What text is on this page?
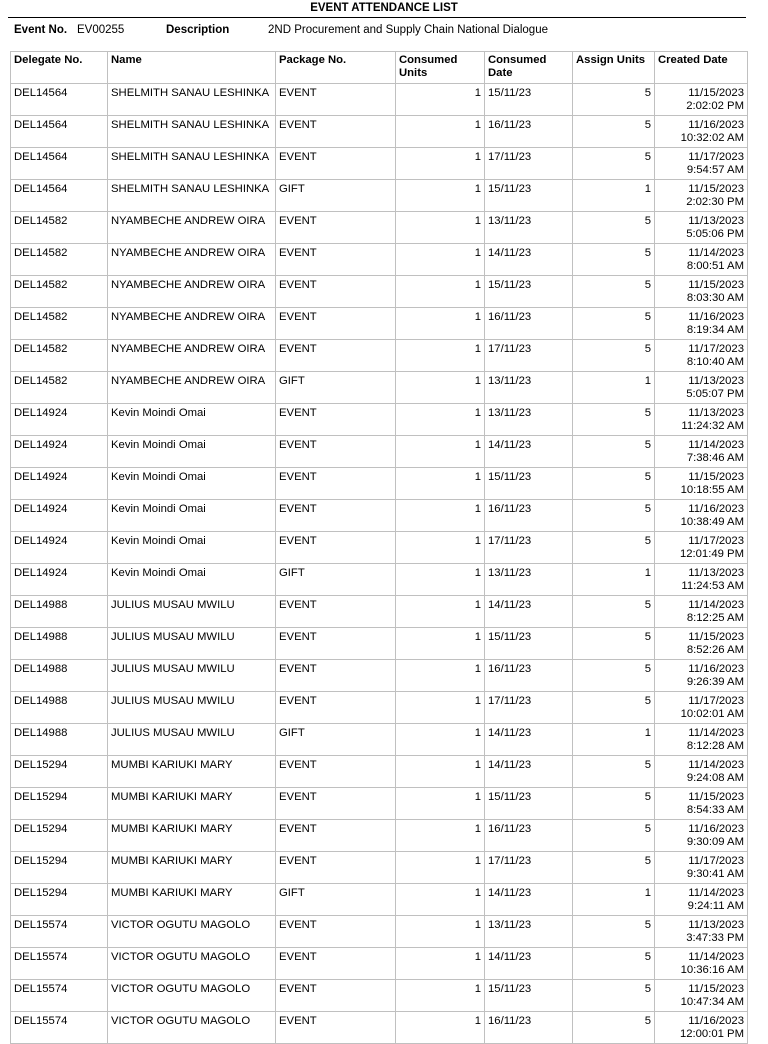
EVENT ATTENDANCE LIST
Event No. EV00255	Description	2ND Procurement and Supply Chain National Dialogue
Delegate No.	Name	Package No.	Consumed Units	Consumed Date	Assign Units	Created Date
DEL14564	SHELMITH SANAU LESHINKA	EVENT	1	15/11/23	5	11/15/2023
2:02:02 PM

DEL14564	SHELMITH SANAU LESHINKA	EVENT	1	16/11/23	5	11/16/2023
10:32:02 AM

DEL14564	SHELMITH SANAU LESHINKA	EVENT	1	17/11/23	5	11/17/2023
9:54:57 AM

DEL14564	SHELMITH SANAU LESHINKA	GIFT	1	15/11/23	1	11/15/2023
2:02:30 PM

DEL14582	NYAMBECHE ANDREW OIRA	EVENT	1	13/11/23	5	11/13/2023
5:05:06 PM

DEL14582	NYAMBECHE ANDREW OIRA	EVENT	1	14/11/23	5	11/14/2023
8:00:51 AM

DEL14582	NYAMBECHE ANDREW OIRA	EVENT	1	15/11/23	5	11/15/2023
8:03:30 AM

DEL14582	NYAMBECHE ANDREW OIRA	EVENT	1	16/11/23	5	11/16/2023
8:19:34 AM

DEL14582	NYAMBECHE ANDREW OIRA	EVENT	1	17/11/23	5	11/17/2023
8:10:40 AM

DEL14582	NYAMBECHE ANDREW OIRA	GIFT	1	13/11/23	1	11/13/2023
5:05:07 PM

DEL14924	Kevin Moindi Omai	EVENT	1	13/11/23	5	11/13/2023
11:24:32 AM

DEL14924	Kevin Moindi Omai	EVENT	1	14/11/23	5	11/14/2023
7:38:46 AM

DEL14924	Kevin Moindi Omai	EVENT	1	15/11/23	5	11/15/2023
10:18:55 AM

DEL14924	Kevin Moindi Omai	EVENT	1	16/11/23	5	11/16/2023
10:38:49 AM

DEL14924	Kevin Moindi Omai	EVENT	1	17/11/23	5	11/17/2023
12:01:49 PM

DEL14924	Kevin Moindi Omai	GIFT	1	13/11/23	1	11/13/2023
11:24:53 AM

DEL14988	JULIUS MUSAU MWILU	EVENT	1	14/11/23	5	11/14/2023
8:12:25 AM

DEL14988	JULIUS MUSAU MWILU	EVENT	1	15/11/23	5	11/15/2023
8:52:26 AM

DEL14988	JULIUS MUSAU MWILU	EVENT	1	16/11/23	5	11/16/2023
9:26:39 AM

DEL14988	JULIUS MUSAU MWILU	EVENT	1	17/11/23	5	11/17/2023
10:02:01 AM

DEL14988	JULIUS MUSAU MWILU	GIFT	1	14/11/23	1	11/14/2023
8:12:28 AM

DEL15294	MUMBI KARIUKI MARY	EVENT	1	14/11/23	5	11/14/2023
9:24:08 AM

DEL15294	MUMBI KARIUKI MARY	EVENT	1	15/11/23	5	11/15/2023
8:54:33 AM

DEL15294	MUMBI KARIUKI MARY	EVENT	1	16/11/23	5	11/16/2023
9:30:09 AM

DEL15294	MUMBI KARIUKI MARY	EVENT	1	17/11/23	5	11/17/2023
9:30:41 AM

DEL15294	MUMBI KARIUKI MARY	GIFT	1	14/11/23	1	11/14/2023
9:24:11 AM

DEL15574	VICTOR OGUTU MAGOLO	EVENT	1	13/11/23	5	11/13/2023
3:47:33 PM

DEL15574	VICTOR OGUTU MAGOLO	EVENT	1	14/11/23	5	11/14/2023
10:36:16 AM

DEL15574	VICTOR OGUTU MAGOLO	EVENT	1	15/11/23	5	11/15/2023
10:47:34 AM

DEL15574	VICTOR OGUTU MAGOLO	EVENT	1	16/11/23	5	11/16/2023
12:00:01 PM
